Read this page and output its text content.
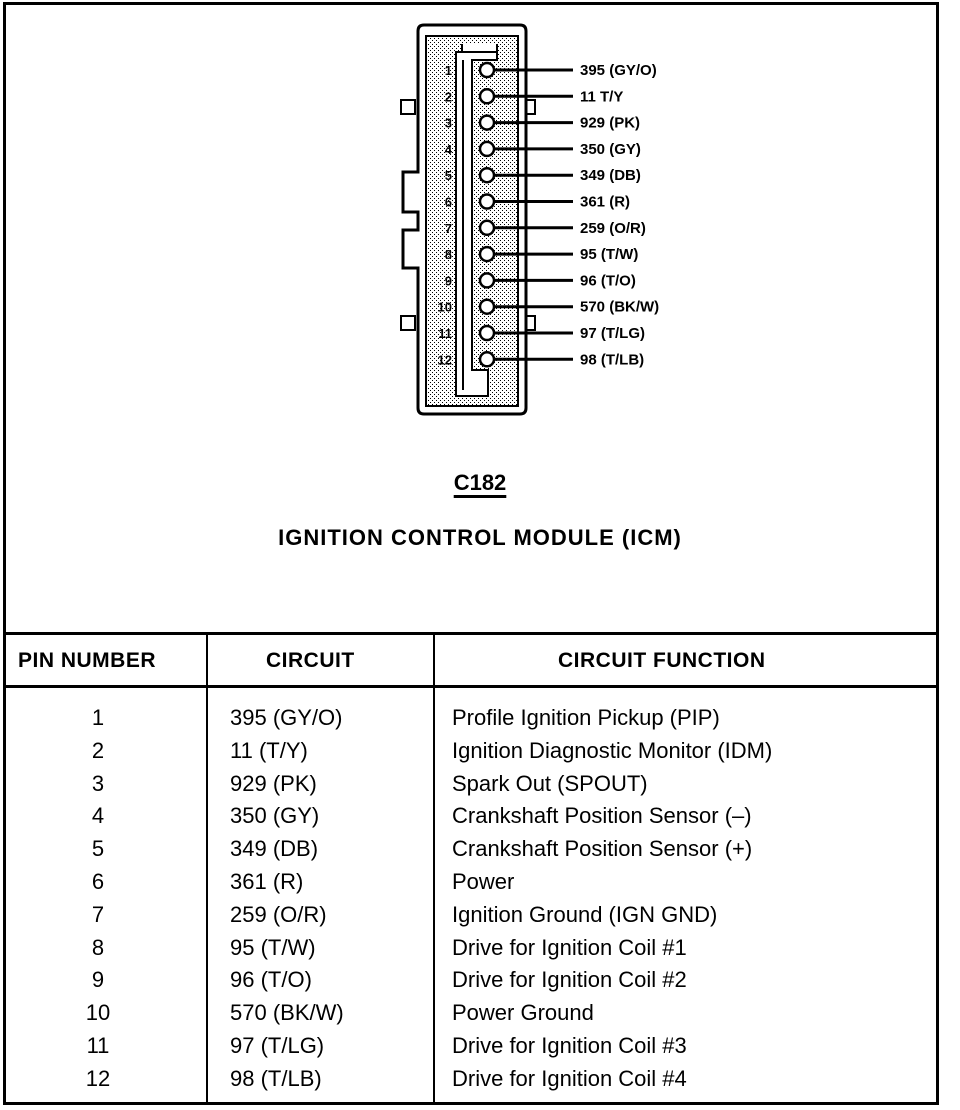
1	395 (GY/O)
2	11 T/Y
3	929 (PK)
4	350 (GY)
5	349 (DB)
6	361 (R)
7	259 (O/R)
8	95 (T/W)
9	96 (T/O)
10	570 (BK/W)
11	97 (T/LG)
12	98 (T/LB)
C182
IGNITION CONTROL MODULE (ICM)
PIN NUMBER	CIRCUIT	CIRCUIT FUNCTION
1	395 (GY/O)	Profile Ignition Pickup (PIP)
2	11 (T/Y)	Ignition Diagnostic Monitor (IDM)
3	929 (PK)	Spark Out (SPOUT)
4	350 (GY)	Crankshaft Position Sensor (–)
5	349 (DB)	Crankshaft Position Sensor (+)
6	361 (R)	Power
7	259 (O/R)	Ignition Ground (IGN GND)
8	95 (T/W)	Drive for Ignition Coil #1
9	96 (T/O)	Drive for Ignition Coil #2
10	570 (BK/W)	Power Ground
11	97 (T/LG)	Drive for Ignition Coil #3
12	98 (T/LB)	Drive for Ignition Coil #4
